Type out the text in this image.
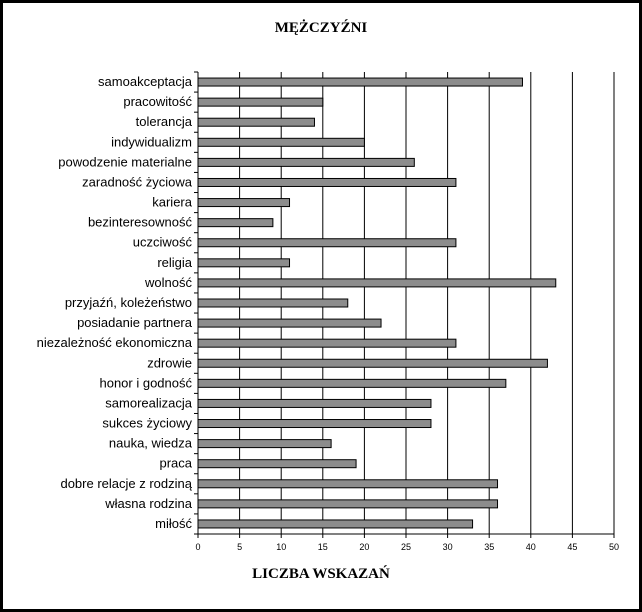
MĘŻCZYŹNI
samoakceptacja
pracowitość
tolerancja
indywidualizm
powodzenie materialne
zaradność życiowa
kariera
bezinteresowność
uczciwość
religia
wolność
przyjaźń, koleżeństwo
posiadanie partnera
niezależność ekonomiczna
zdrowie
honor i godność
samorealizacja
sukces życiowy
nauka, wiedza
praca
dobre relacje z rodziną
własna rodzina
miłość
0	5	10	15	20	25	30	35	40	45	50
LICZBA WSKAZAŃ
